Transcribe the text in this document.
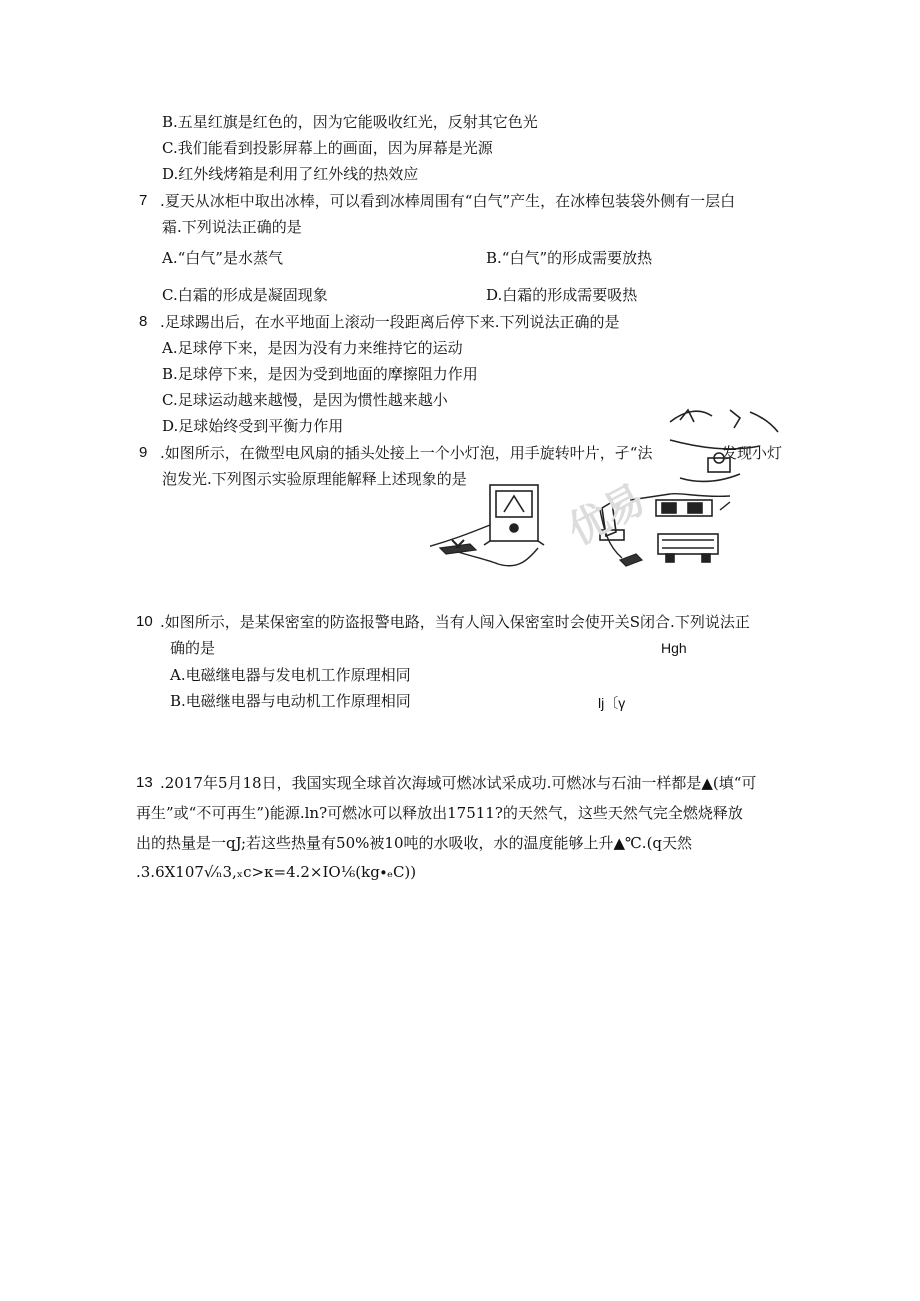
B.五星红旗是红色的，因为它能吸收红光，反射其它色光
C.我们能看到投影屏幕上的画面，因为屏幕是光源
D.红外线烤箱是利用了红外线的热效应
7 .夏天从冰柜中取出冰棒，可以看到冰棒周围有“白气”产生，在冰棒包装袋外侧有一层白
霜.下列说法正确的是
A.“白气”是水蒸气	B.“白气”的形成需要放热
C.白霜的形成是凝固现象	D.白霜的形成需要吸热
8 .足球踢出后，在水平地面上滚动一段距离后停下来.下列说法正确的是
A.足球停下来，是因为没有力来维持它的运动
B.足球停下来，是因为受到地面的摩擦阻力作用
C.足球运动越来越慢，是因为惯性越来越小
D.足球始终受到平衡力作用
9 .如图所示，在微型电风扇的插头处接上一个小灯泡，用手旋转叶片，孑“法	发现小灯
泡发光.下列图示实验原理能解释上述现象的是 优易
10 .如图所示，是某保密室的防盗报警电路，当有人闯入保密室时会使开关S闭合.下列说法正
确的是	Hgh
A.电磁继电器与发电机工作原理相同
B.电磁继电器与电动机工作原理相同	lj〔γ
13 .2017年5月18日，我国实现全球首次海域可燃冰试采成功.可燃冰与石油一样都是▲(填“可
再生”或“不可再生”)能源.ln?可燃冰可以释放出17511?的天然气，这些天然气完全燃烧释放
出的热量是一qJ;若这些热量有50%被10吨的水吸收，水的温度能够上升▲℃.(q天然
.3.6X107√⁄ₙ3,ₓc>κ=4.2×IO⅙(kg∙ₑC))
